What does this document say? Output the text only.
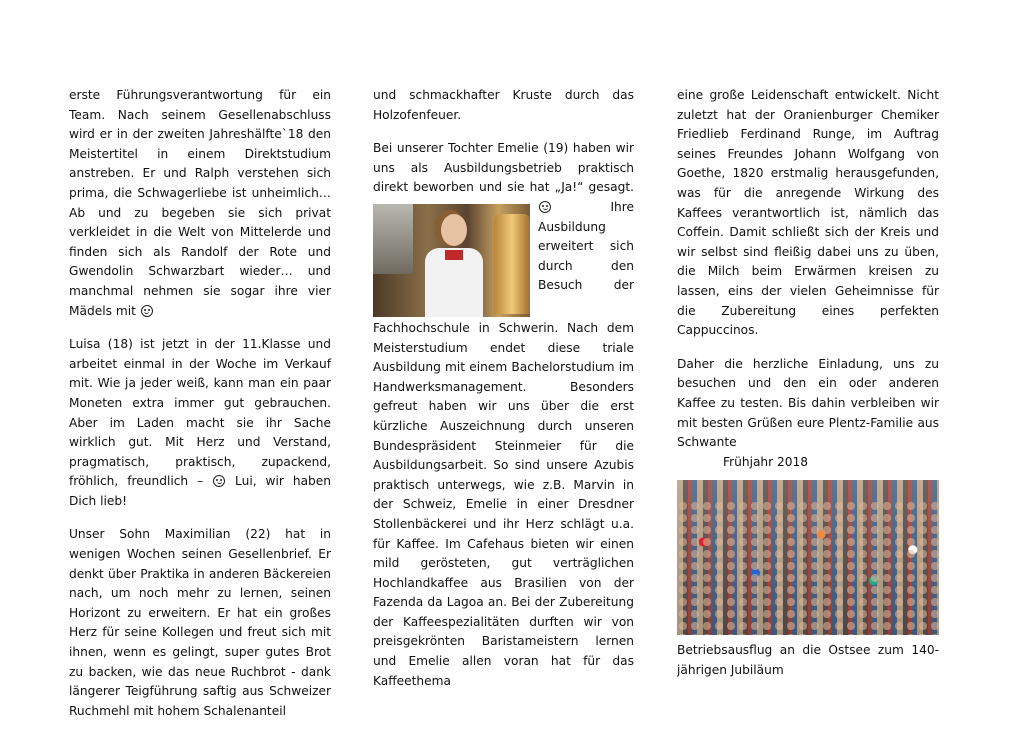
erste Führungsverantwortung für ein Team. Nach seinem Gesellenabschluss wird er in der zweiten Jahreshälfte`18 den Meistertitel in einem Direktstudium anstreben. Er und Ralph verstehen sich prima, die Schwagerliebe ist unheimlich…Ab und zu begeben sie sich privat verkleidet in die Welt von Mittelerde und finden sich als Randolf der Rote und Gwendolin Schwarzbart wieder… und manchmal nehmen sie sogar ihre vier Mädels mit

Luisa (18) ist jetzt in der 11.Klasse und arbeitet einmal in der Woche im Verkauf mit. Wie ja jeder weiß, kann man ein paar Moneten extra immer gut gebrauchen. Aber im Laden macht sie ihr Sache wirklich gut. Mit Herz und Verstand, pragmatisch, praktisch, zupackend, fröhlich, freundlich –	Lui, wir haben Dich lieb!

Unser Sohn Maximilian (22) hat in wenigen Wochen seinen Gesellenbrief. Er denkt über Praktika in anderen Bäckereien nach, um noch mehr zu lernen, seinen Horizont zu erweitern. Er hat ein großes Herz für seine Kollegen und freut sich mit ihnen, wenn es gelingt, super gutes Brot zu backen, wie das neue Ruchbrot - dank längerer Teigführung saftig aus Schweizer Ruchmehl mit hohem Schalenanteil

und schmackhafter Kruste durch das Holzofenfeuer.

Bei unserer Tochter Emelie (19) haben wir uns als Ausbildungsbetrieb praktisch direkt beworben und sie hat „Ja!“ gesagt.
Ihre Ausbildung erweitert sich durch den Besuch der Fachhochschule in Schwerin. Nach dem Meisterstudium endet diese triale Ausbildung mit einem Bachelorstudium im Handwerksmanagement. Besonders gefreut haben wir uns über die erst kürzliche Auszeichnung durch unseren Bundespräsident Steinmeier für die Ausbildungsarbeit. So sind unsere Azubis praktisch unterwegs, wie z.B. Marvin in der Schweiz, Emelie in einer Dresdner Stollenbäckerei und ihr Herz schlägt u.a. für Kaffee. Im Cafehaus bieten wir einen mild gerösteten, gut verträglichen Hochlandkaffee aus Brasilien von der Fazenda da Lagoa an. Bei der Zubereitung der Kaffeespezialitäten durften wir von preisgekrönten Baristameistern lernen und Emelie allen voran hat für das Kaffeethema

eine große Leidenschaft entwickelt. Nicht zuletzt hat der Oranienburger Chemiker Friedlieb Ferdinand Runge, im Auftrag seines Freundes Johann Wolfgang von Goethe, 1820 erstmalig herausgefunden, was für die anregende Wirkung des Kaffees verantwortlich ist, nämlich das Coffein. Damit schließt sich der Kreis und wir selbst sind fleißig dabei uns zu üben, die Milch beim Erwärmen kreisen zu lassen, eins der vielen Geheimnisse für die Zubereitung eines perfekten Cappuccinos.

Daher die herzliche Einladung, uns zu besuchen und den ein oder anderen Kaffee zu testen. Bis dahin verbleiben wir mit besten Grüßen eure Plentz-Familie aus Schwante
Frühjahr 2018

Betriebsausflug an die Ostsee zum 140-jährigen Jubiläum
